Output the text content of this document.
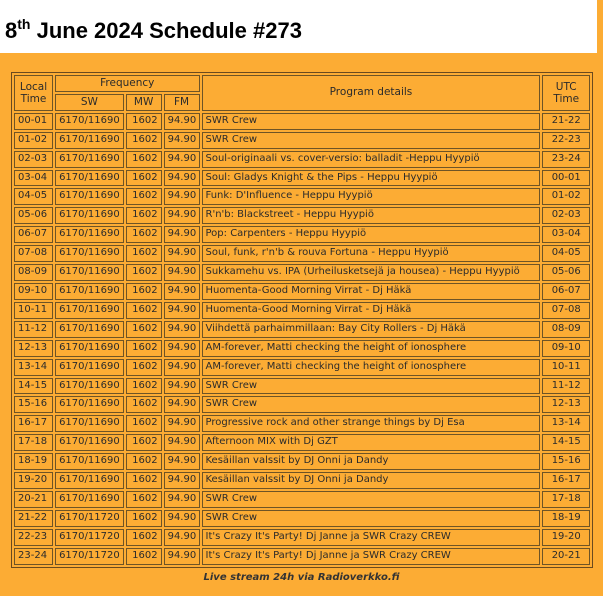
8th June 2024 Schedule #273
Local Time	Frequency			Program details	UTC Time
	SW	MW	FM		
00-01	6170/11690	1602	94.90	SWR Crew	21-22
01-02	6170/11690	1602	94.90	SWR Crew	22-23
02-03	6170/11690	1602	94.90	Soul-originaali vs. cover-versio: balladit -Heppu Hyypiö	23-24
03-04	6170/11690	1602	94.90	Soul: Gladys Knight & the Pips - Heppu Hyypiö	00-01
04-05	6170/11690	1602	94.90	Funk: D'Influence - Heppu Hyypiö	01-02
05-06	6170/11690	1602	94.90	R'n'b: Blackstreet - Heppu Hyypiö	02-03
06-07	6170/11690	1602	94.90	Pop: Carpenters - Heppu Hyypiö	03-04
07-08	6170/11690	1602	94.90	Soul, funk, r'n'b & rouva Fortuna - Heppu Hyypiö	04-05
08-09	6170/11690	1602	94.90	Sukkamehu vs. IPA (Urheilusketsejä ja housea) - Heppu Hyypiö	05-06
09-10	6170/11690	1602	94.90	Huomenta-Good Morning Virrat - Dj Häkä	06-07
10-11	6170/11690	1602	94.90	Huomenta-Good Morning Virrat - Dj Häkä	07-08
11-12	6170/11690	1602	94.90	Viihdettä parhaimmillaan: Bay City Rollers - Dj Häkä	08-09
12-13	6170/11690	1602	94.90	AM-forever, Matti checking the height of ionosphere	09-10
13-14	6170/11690	1602	94.90	AM-forever, Matti checking the height of ionosphere	10-11
14-15	6170/11690	1602	94.90	SWR Crew	11-12
15-16	6170/11690	1602	94.90	SWR Crew	12-13
16-17	6170/11690	1602	94.90	Progressive rock and other strange things by Dj Esa	13-14
17-18	6170/11690	1602	94.90	Afternoon MIX with Dj GZT	14-15
18-19	6170/11690	1602	94.90	Kesäillan valssit by DJ Onni ja Dandy	15-16
19-20	6170/11690	1602	94.90	Kesäillan valssit by DJ Onni ja Dandy	16-17
20-21	6170/11690	1602	94.90	SWR Crew	17-18
21-22	6170/11720	1602	94.90	SWR Crew	18-19
22-23	6170/11720	1602	94.90	It's Crazy It's Party! Dj Janne ja SWR Crazy CREW	19-20
23-24	6170/11720	1602	94.90	It's Crazy It's Party! Dj Janne ja SWR Crazy CREW	20-21
Live stream 24h via Radioverkko.fi
